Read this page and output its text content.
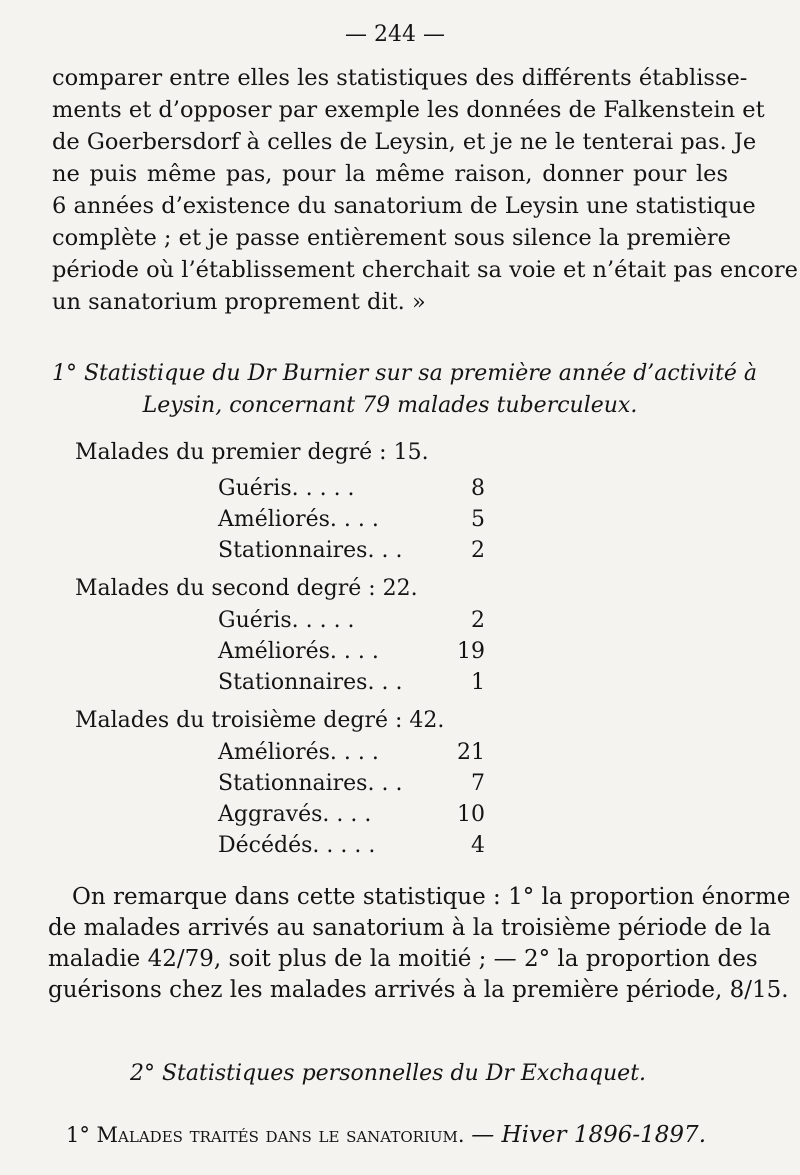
— 244 —
comparer entre elles les statistiques des différents établisse-
ments et d’opposer par exemple les données de Falkenstein et
de Goerbersdorf à celles de Leysin, et je ne le tenterai pas. Je
ne puis même pas, pour la même raison, donner pour les
6 années d’existence du sanatorium de Leysin une statistique
complète ; et je passe entièrement sous silence la première
période où l’établissement cherchait sa voie et n’était pas encore
un sanatorium proprement dit. »
1° Statistique du Dr Burnier sur sa première année d’activité à
Leysin, concernant 79 malades tuberculeux.
Malades du premier degré : 15.
Guéris. . . . .	8
Améliorés. . . .	5
Stationnaires. . .	2
Malades du second degré : 22.
Guéris. . . . .	2
Améliorés. . . .	19
Stationnaires. . .	1
Malades du troisième degré : 42.
Améliorés. . . .	21
Stationnaires. . .	7
Aggravés. . . .	10
Décédés. . . . .	4
On remarque dans cette statistique : 1° la proportion énorme
de malades arrivés au sanatorium à la troisième période de la
maladie 42/79, soit plus de la moitié ; — 2° la proportion des
guérisons chez les malades arrivés à la première période, 8/15.
2° Statistiques personnelles du Dr Exchaquet.
1° Malades traités dans le sanatorium. — Hiver 1896-1897.
